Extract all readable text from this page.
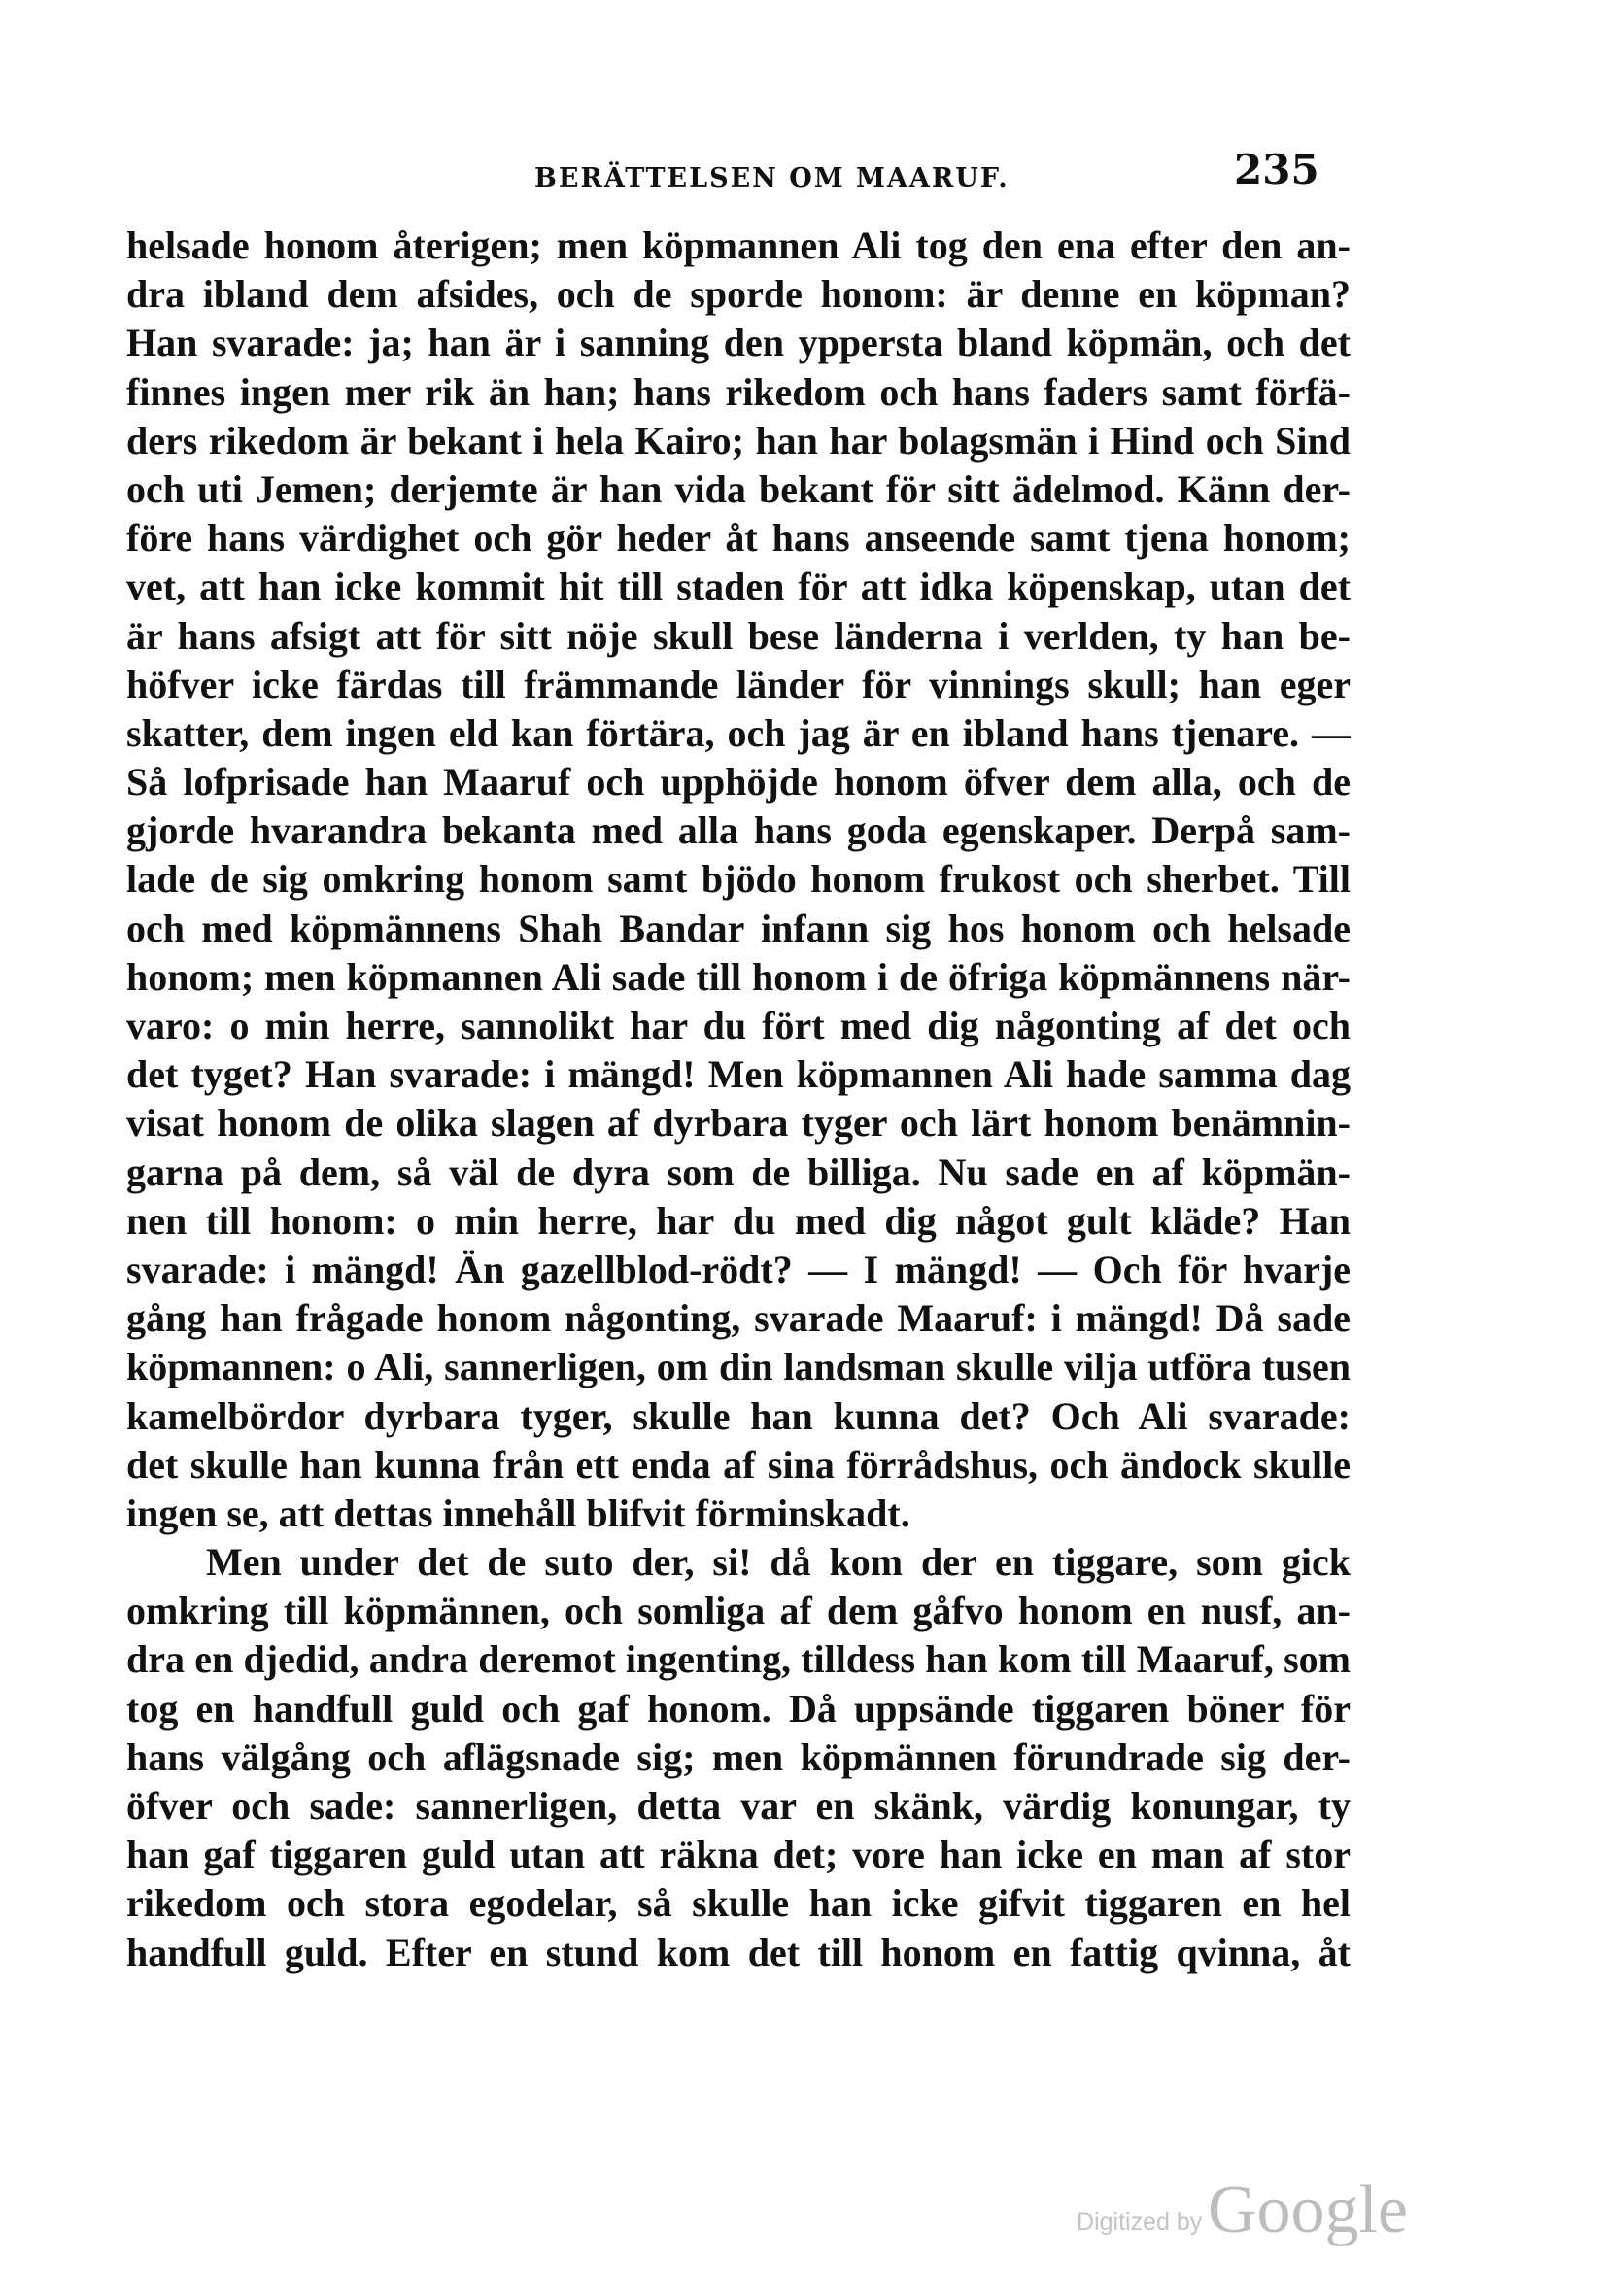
BERÄTTELSEN OM MAARUF.	235
helsade honom återigen; men köpmannen Ali tog den ena efter den an-
dra ibland dem afsides, och de sporde honom: är denne en köpman?
Han svarade: ja; han är i sanning den yppersta bland köpmän, och det
finnes ingen mer rik än han; hans rikedom och hans faders samt förfä-
ders rikedom är bekant i hela Kairo; han har bolagsmän i Hind och Sind
och uti Jemen; derjemte är han vida bekant för sitt ädelmod. Känn der-
före hans värdighet och gör heder åt hans anseende samt tjena honom;
vet, att han icke kommit hit till staden för att idka köpenskap, utan det
är hans afsigt att för sitt nöje skull bese länderna i verlden, ty han be-
höfver icke färdas till främmande länder för vinnings skull; han eger
skatter, dem ingen eld kan förtära, och jag är en ibland hans tjenare. —
Så lofprisade han Maaruf och upphöjde honom öfver dem alla, och de
gjorde hvarandra bekanta med alla hans goda egenskaper. Derpå sam-
lade de sig omkring honom samt bjödo honom frukost och sherbet. Till
och med köpmännens Shah Bandar infann sig hos honom och helsade
honom; men köpmannen Ali sade till honom i de öfriga köpmännens när-
varo: o min herre, sannolikt har du fört med dig någonting af det och
det tyget? Han svarade: i mängd! Men köpmannen Ali hade samma dag
visat honom de olika slagen af dyrbara tyger och lärt honom benämnin-
garna på dem, så väl de dyra som de billiga. Nu sade en af köpmän-
nen till honom: o min herre, har du med dig något gult kläde? Han
svarade: i mängd! Än gazellblod-rödt? — I mängd! — Och för hvarje
gång han frågade honom någonting, svarade Maaruf: i mängd! Då sade
köpmannen: o Ali, sannerligen, om din landsman skulle vilja utföra tusen
kamelbördor dyrbara tyger, skulle han kunna det? Och Ali svarade:
det skulle han kunna från ett enda af sina förrådshus, och ändock skulle
ingen se, att dettas innehåll blifvit förminskadt.
Men under det de suto der, si! då kom der en tiggare, som gick
omkring till köpmännen, och somliga af dem gåfvo honom en nusf, an-
dra en djedid, andra deremot ingenting, tilldess han kom till Maaruf, som
tog en handfull guld och gaf honom. Då uppsände tiggaren böner för
hans välgång och aflägsnade sig; men köpmännen förundrade sig der-
öfver och sade: sannerligen, detta var en skänk, värdig konungar, ty
han gaf tiggaren guld utan att räkna det; vore han icke en man af stor
rikedom och stora egodelar, så skulle han icke gifvit tiggaren en hel
handfull guld. Efter en stund kom det till honom en fattig qvinna, åt
Digitized by Google
